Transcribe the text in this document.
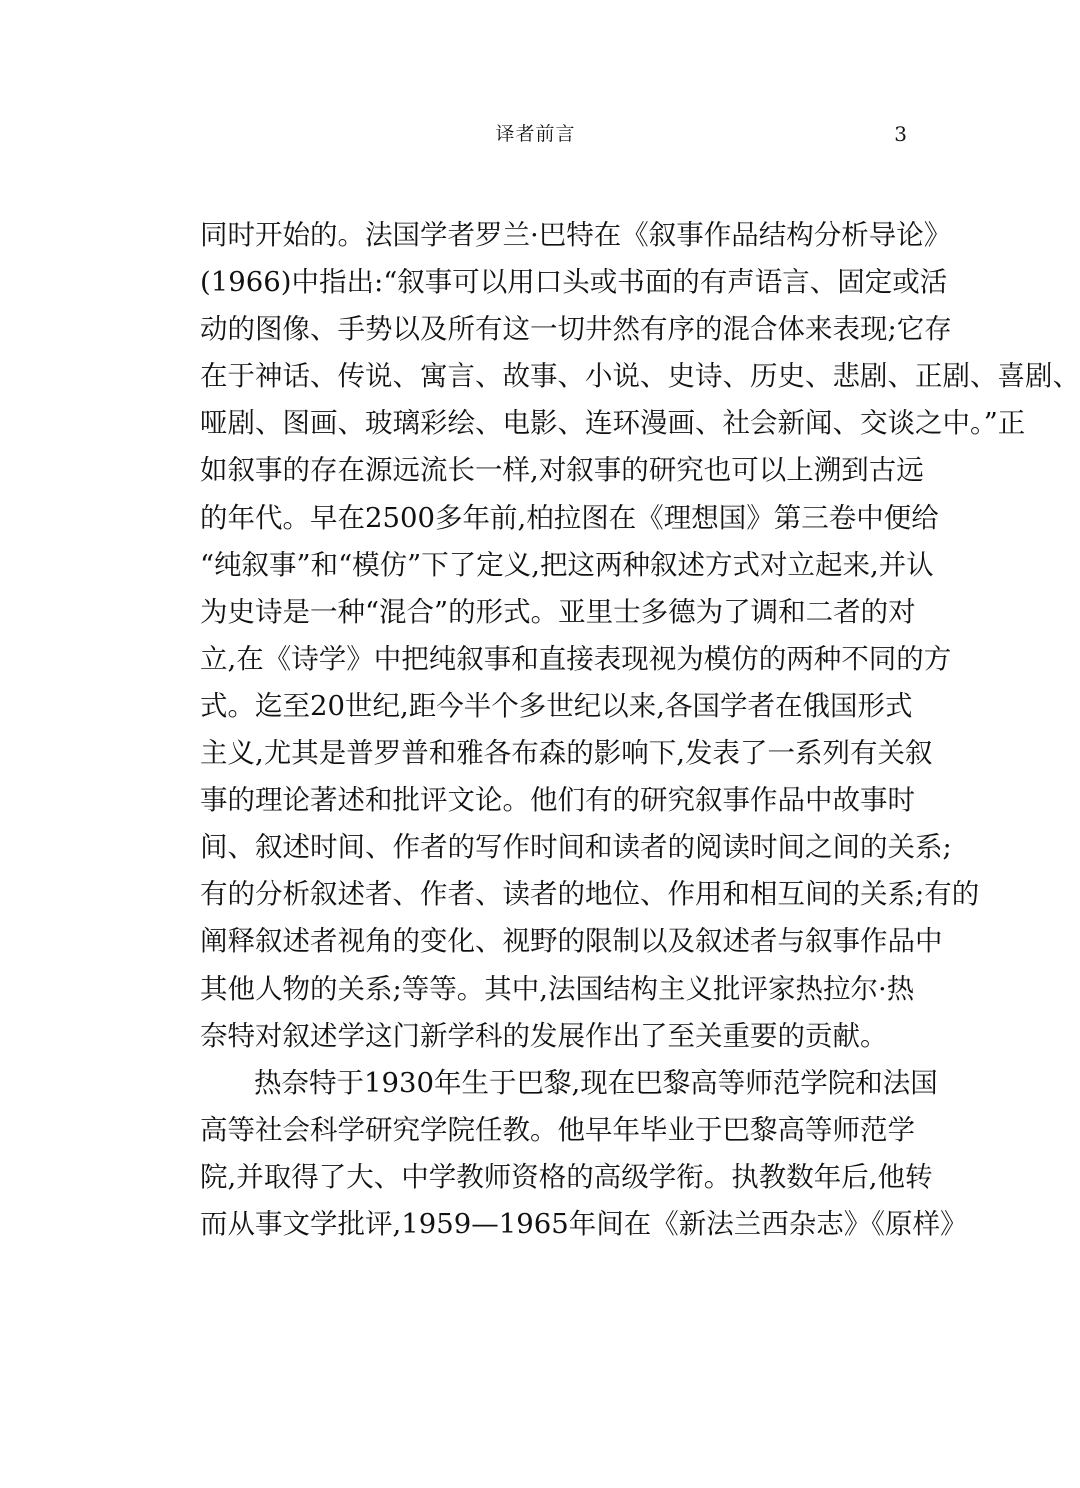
译者前言	3
同时开始的。法国学者罗兰·巴特在《叙事作品结构分析导论》
(1966)中指出:“叙事可以用口头或书面的有声语言、固定或活
动的图像、手势以及所有这一切井然有序的混合体来表现;它存
在于神话、传说、寓言、故事、小说、史诗、历史、悲剧、正剧、喜剧、
哑剧、图画、玻璃彩绘、电影、连环漫画、社会新闻、交谈之中。”正
如叙事的存在源远流长一样,对叙事的研究也可以上溯到古远
的年代。早在2500多年前,柏拉图在《理想国》第三卷中便给
“纯叙事”和“模仿”下了定义,把这两种叙述方式对立起来,并认
为史诗是一种“混合”的形式。亚里士多德为了调和二者的对
立,在《诗学》中把纯叙事和直接表现视为模仿的两种不同的方
式。迄至20世纪,距今半个多世纪以来,各国学者在俄国形式
主义,尤其是普罗普和雅各布森的影响下,发表了一系列有关叙
事的理论著述和批评文论。他们有的研究叙事作品中故事时
间、叙述时间、作者的写作时间和读者的阅读时间之间的关系;
有的分析叙述者、作者、读者的地位、作用和相互间的关系;有的
阐释叙述者视角的变化、视野的限制以及叙述者与叙事作品中
其他人物的关系;等等。其中,法国结构主义批评家热拉尔·热
奈特对叙述学这门新学科的发展作出了至关重要的贡献。
热奈特于1930年生于巴黎,现在巴黎高等师范学院和法国
高等社会科学研究学院任教。他早年毕业于巴黎高等师范学
院,并取得了大、中学教师资格的高级学衔。执教数年后,他转
而从事文学批评,1959—1965年间在《新法兰西杂志》《原样》
